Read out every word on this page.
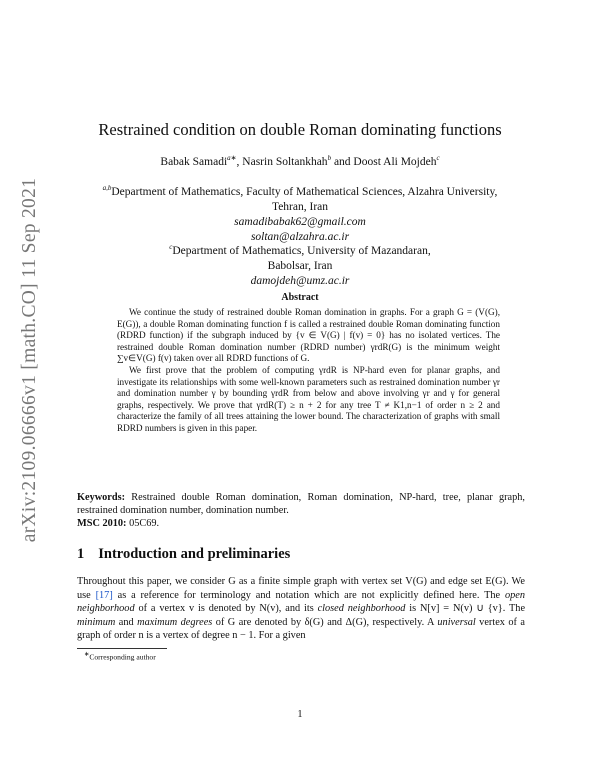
arXiv:2109.06666v1 [math.CO] 11 Sep 2021
Restrained condition on double Roman dominating functions
Babak Samadi$^{a∗}$, Nasrin Soltankhah$^b$ and Doost Ali Mojdeh$^c$
$^{a,b}$Department of Mathematics, Faculty of Mathematical Sciences, Alzahra University,
Tehran, Iran
samadibabak62@gmail.com
soltan@alzahra.ac.ir
$^c$Department of Mathematics, University of Mazandaran,
Babolsar, Iran
damojdeh@umz.ac.ir
Abstract

We continue the study of restrained double Roman domination in graphs. For a graph G = (V(G), E(G)), a double Roman dominating function f is called a restrained double Roman dominating function (RDRD function) if the subgraph induced by {v ∈ V(G) | f(v) = 0} has no isolated vertices. The restrained double Roman domination number (RDRD number) γrdR(G) is the minimum weight ∑v∈V(G) f(v) taken over all RDRD functions of G.

We first prove that the problem of computing γrdR is NP-hard even for planar graphs, and investigate its relationships with some well-known parameters such as restrained domination number γr and domination number γ by bounding γrdR from below and above involving γr and γ for general graphs, respectively. We prove that γrdR(T) ≥ n + 2 for any tree T ≠ K1,n−1 of order n ≥ 2 and characterize the family of all trees attaining the lower bound. The characterization of graphs with small RDRD numbers is given in this paper.

Keywords: Restrained double Roman domination, Roman domination, NP-hard, tree, planar graph, restrained domination number, domination number.
MSC 2010: 05C69.
1 Introduction and preliminaries
Throughout this paper, we consider G as a finite simple graph with vertex set V(G) and edge set E(G). We use [17] as a reference for terminology and notation which are not explicitly defined here. The open neighborhood of a vertex v is denoted by N(v), and its closed neighborhood is N[v] = N(v) ∪ {v}. The minimum and maximum degrees of G are denoted by δ(G) and Δ(G), respectively. A universal vertex of a graph of order n is a vertex of degree n − 1. For a given
∗Corresponding author
1
